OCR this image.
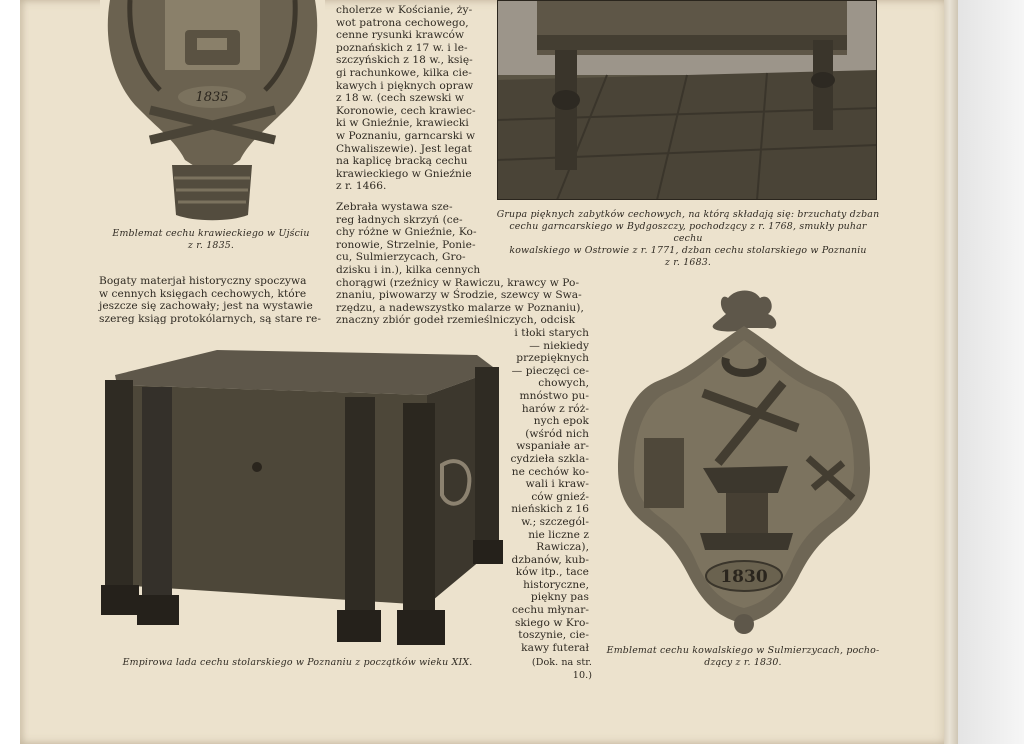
1835
cholerze w Kościanie, ży-
wot patrona cechowego,
cenne rysunki krawców
poznańskich z 17 w. i le-
szczyńskich z 18 w., księ-
gi rachunkowe, kilka cie-
kawych i pięknych opraw
z 18 w. (cech szewski w
Koronowie, cech krawiec-
ki w Gnieźnie, krawiecki
w Poznaniu, garncarski w
Chwaliszewie). Jest legat
na kaplicę bracką cechu
krawieckiego w Gnieźnie
z r. 1466.
Emblemat cechu krawieckiego w Ujściu
z r. 1835.
Grupa pięknych zabytków cechowych, na którą składają się: brzuchaty dzban
cechu garncarskiego w Bydgoszczy, pochodzący z r. 1768, smukły puhar cechu
kowalskiego w Ostrowie z r. 1771, dzban cechu stolarskiego w Poznaniu
z r. 1683.
Zebrała wystawa sze-
reg ładnych skrzyń (ce-
chy różne w Gnieźnie, Ko-
ronowie, Strzelnie, Ponie-
cu, Sulmierzycach, Gro-
dzisku i in.), kilka cennych
chorągwi (rzeźnicy w Rawiczu, krawcy w Po-
znaniu, piwowarzy w Środzie, szewcy w Swa-
rzędzu, a nadewszystko malarze w Poznaniu),
znaczny zbiór godeł rzemieślniczych, odcisk
Bogaty materjał historyczny spoczywa
w cennych księgach cechowych, które
jeszcze się zachowały; jest na wystawie
szereg ksiąg protokólarnych, są stare re-
i tłoki starych
— niekiedy
przepięknych
— pieczęci ce-
chowych,
mnóstwo pu-
harów z róż-
nych epok
(wśród nich
wspaniałe ar-
cydzieła szkla-
ne cechów ko-
wali i kraw-
ców gnieź-
nieńskich z 16
w.; szczegól-
nie liczne z
Rawicza),
dzbanów, kub-
ków itp., tace
historyczne,
piękny pas
cechu młynar-
skiego w Kro-
toszynie, cie-
kawy futerał
Empirowa lada cechu stolarskiego w Poznaniu z początków wieku XIX.	(Dok. na str. 10.)
1830
Emblemat cechu kowalskiego w Sulmierzycach, pocho-
dzący z r. 1830.
